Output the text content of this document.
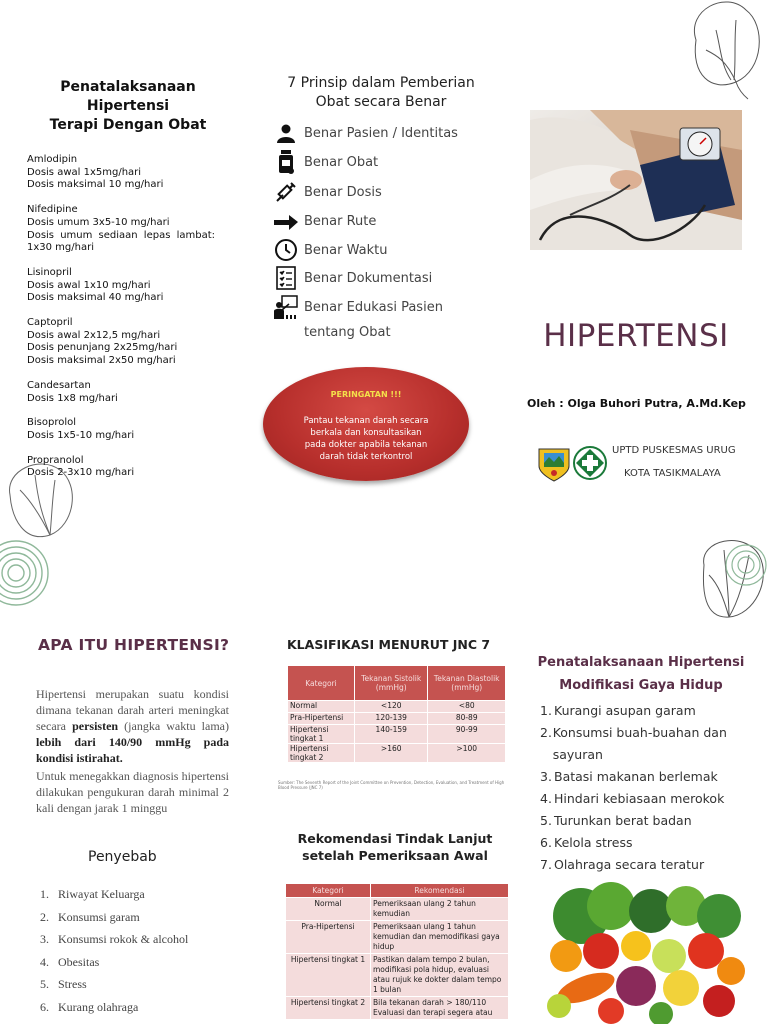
Penatalaksanaan
Hipertensi
Terapi Dengan Obat
Amlodipin
Dosis awal 1x5mg/hari
Dosis maksimal 10 mg/hari
Nifedipine
Dosis umum 3x5-10 mg/hari
Dosis umum sediaan lepas lambat:
1x30 mg/hari
Lisinopril
Dosis awal 1x10 mg/hari
Dosis maksimal 40 mg/hari
Captopril
Dosis awal 2x12,5 mg/hari
Dosis penunjang 2x25mg/hari
Dosis maksimal 2x50 mg/hari
Candesartan
Dosis 1x8 mg/hari
Bisoprolol
Dosis 1x5-10 mg/hari
Propranolol
Dosis 2-3x10 mg/hari
7 Prinsip dalam Pemberian
Obat secara Benar
Benar Pasien / Identitas
Benar Obat
Benar Dosis
Benar Rute
Benar Waktu
Benar Dokumentasi
Benar Edukasi Pasien
tentang Obat
PERINGATAN !!!
Pantau tekanan darah secara berkala dan konsultasikan pada dokter apabila tekanan darah tidak terkontrol
HIPERTENSI
Oleh : Olga Buhori Putra, A.Md.Kep
UPTD PUSKESMAS URUG
KOTA TASIKMALAYA
APA ITU HIPERTENSI?

Hipertensi merupakan suatu kondisi dimana tekanan darah arteri meningkat secara persisten (jangka waktu lama) lebih dari 140/90 mmHg pada kondisi istirahat.

Untuk menegakkan diagnosis hipertensi dilakukan pengukuran darah minimal 2 kali dengan jarak 1 minggu

Penyebab
1. Riwayat Keluarga
2. Konsumsi garam
3. Konsumsi rokok & alcohol
4. Obesitas
5. Stress
6. Kurang olahraga
KLASIFIKASI MENURUT JNC 7
Kategori	Tekanan Sistolik (mmHg)	Tekanan Diastolik (mmHg)
Normal	<120	<80
Pra-Hipertensi	120-139	80-89
Hipertensi tingkat 1	140-159	90-99
Hipertensi tingkat 2	>160	>100
Sumber: The Seventh Report of the Joint Committee on Prevention, Detection, Evaluation, and Treatment of High Blood Pressure (JNC 7)
Rekomendasi Tindak Lanjut
setelah Pemeriksaan Awal
Kategori	Rekomendasi
Normal	Pemeriksaan ulang 2 tahun kemudian
Pra-Hipertensi	Pemeriksaan ulang 1 tahun kemudian dan memodifikasi gaya hidup
Hipertensi tingkat 1	Pastikan dalam tempo 2 bulan, modifikasi pola hidup, evaluasi atau rujuk ke dokter dalam tempo 1 bulan
Hipertensi tingkat 2	Bila tekanan darah > 180/110 Evaluasi dan terapi segera atau
Penatalaksanaan Hipertensi
Modifikasi Gaya Hidup
1. Kurangi asupan garam
2. Konsumsi buah-buahan dan sayuran
3. Batasi makanan berlemak
4. Hindari kebiasaan merokok
5. Turunkan berat badan
6. Kelola stress
7. Olahraga secara teratur
